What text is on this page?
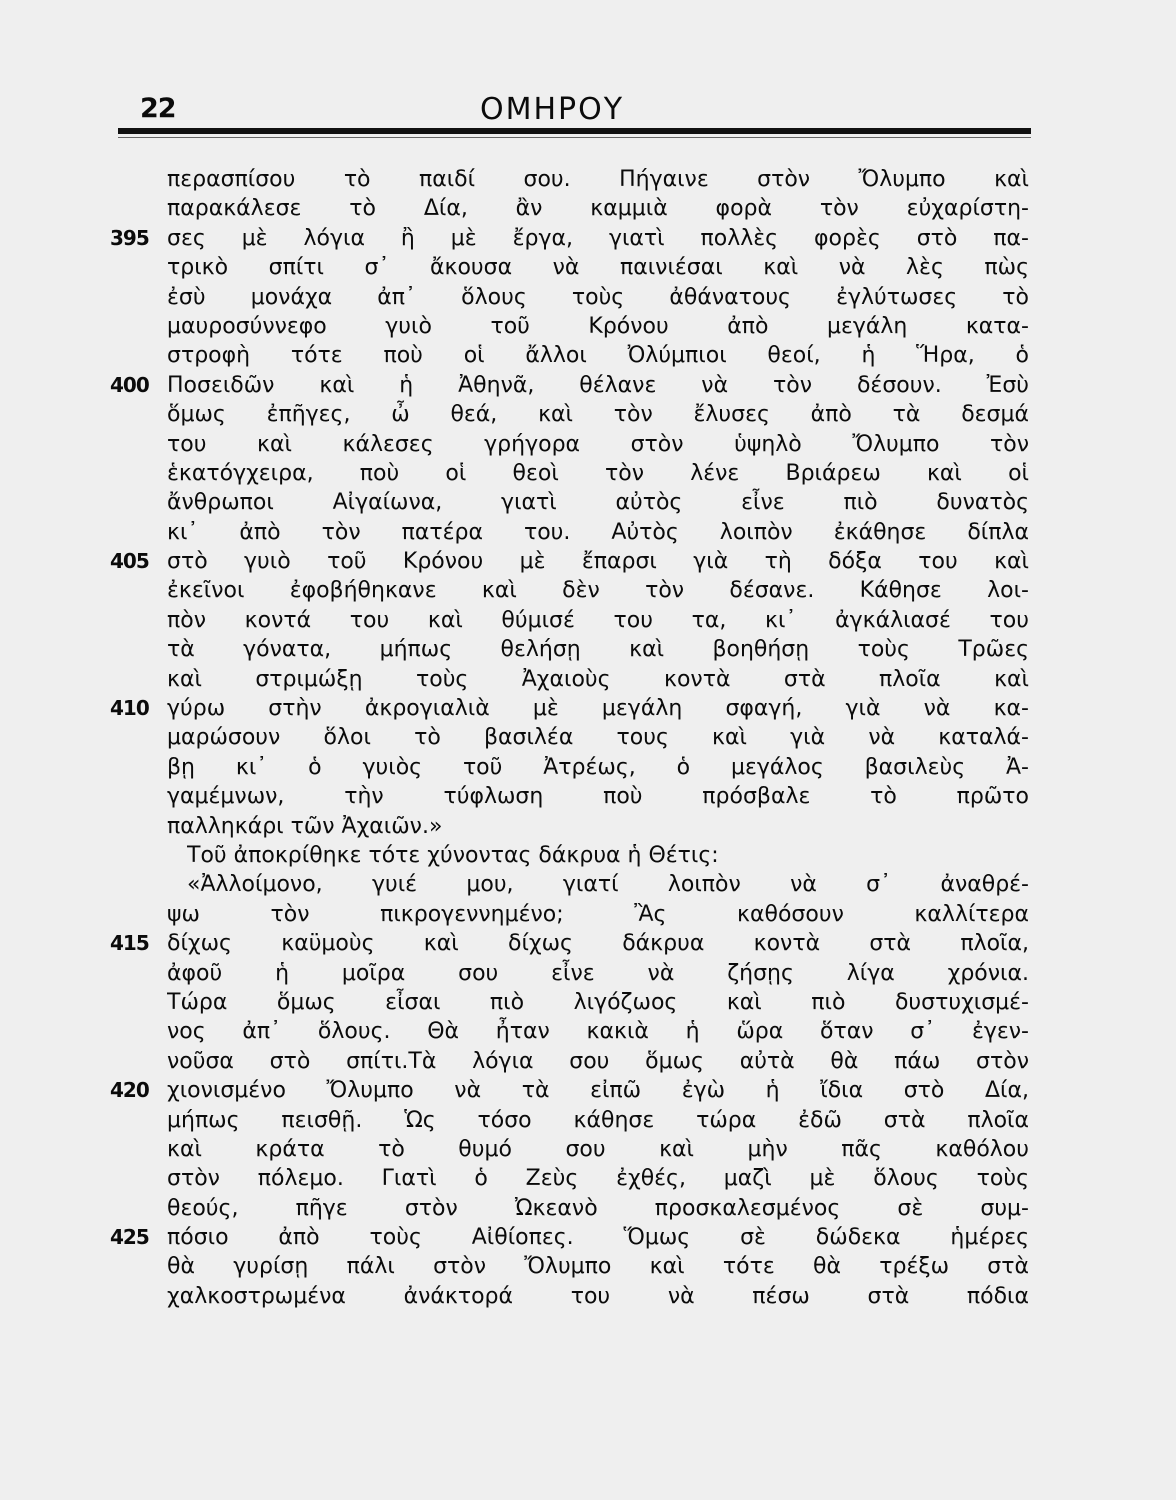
22	ΟΜΗΡΟΥ
περασπίσου τὸ παιδί σου. Πήγαινε στὸν Ὄλυμπο καὶ
παρακάλεσε τὸ Δία, ἂν καμμιὰ φορὰ τὸν εὐχαρίστη-
395 σες μὲ λόγια ἢ μὲ ἔργα, γιατὶ πολλὲς φορὲς στὸ πα-
τρικὸ σπίτι σ᾿ ἄκουσα νὰ παινιέσαι καὶ νὰ λὲς πὼς
ἐσὺ μονάχα ἀπ᾿ ὅλους τοὺς ἀθάνατους ἐγλύτωσες τὸ
μαυροσύννεφο γυιὸ τοῦ Κρόνου ἀπὸ μεγάλη κατα-
στροφὴ τότε ποὺ οἱ ἄλλοι Ὀλύμπιοι θεοί, ἡ Ἥρα, ὁ
400 Ποσειδῶν καὶ ἡ Ἀθηνᾶ, θέλανε νὰ τὸν δέσουν. Ἐσὺ
ὅμως ἐπῆγες, ὦ θεά, καὶ τὸν ἔλυσες ἀπὸ τὰ δεσμά
του καὶ κάλεσες γρήγορα στὸν ὑψηλὸ Ὄλυμπο τὸν
ἑκατόγχειρα, ποὺ οἱ θεοὶ τὸν λένε Βριάρεω καὶ οἱ
ἄνθρωποι Αἰγαίωνα, γιατὶ αὐτὸς εἶνε πιὸ δυνατὸς
κι᾿ ἀπὸ τὸν πατέρα του. Αὐτὸς λοιπὸν ἐκάθησε δίπλα
405 στὸ γυιὸ τοῦ Κρόνου μὲ ἔπαρσι γιὰ τὴ δόξα του καὶ
ἐκεῖνοι ἐφοβήθηκανε καὶ δὲν τὸν δέσανε. Κάθησε λοι-
πὸν κοντά του καὶ θύμισέ του τα, κι᾿ ἀγκάλιασέ του
τὰ γόνατα, μήπως θελήσῃ καὶ βοηθήσῃ τοὺς Τρῶες
καὶ στριμώξῃ τοὺς Ἀχαιοὺς κοντὰ στὰ πλοῖα καὶ
410 γύρω στὴν ἀκρογιαλιὰ μὲ μεγάλη σφαγή, γιὰ νὰ κα-
μαρώσουν ὅλοι τὸ βασιλέα τους καὶ γιὰ νὰ καταλά-
βῃ κι᾿ ὁ γυιὸς τοῦ Ἀτρέως, ὁ μεγάλος βασιλεὺς Ἀ-
γαμέμνων, τὴν τύφλωση ποὺ πρόσβαλε τὸ πρῶτο
παλληκάρι τῶν Ἀχαιῶν.»
Τοῦ ἀποκρίθηκε τότε χύνοντας δάκρυα ἡ Θέτις:
«Ἀλλοίμονο, γυιέ μου, γιατί λοιπὸν νὰ σ᾿ ἀναθρέ-
ψω τὸν πικρογεννημένο; Ἂς καθόσουν καλλίτερα
415 δίχως καϋμοὺς καὶ δίχως δάκρυα κοντὰ στὰ πλοῖα,
ἀφοῦ ἡ μοῖρα σου εἶνε νὰ ζήσῃς λίγα χρόνια.
Τώρα ὅμως εἶσαι πιὸ λιγόζωος καὶ πιὸ δυστυχισμέ-
νος ἀπ᾿ ὅλους. Θὰ ἦταν κακιὰ ἡ ὥρα ὅταν σ᾿ ἐγεν-
νοῦσα στὸ σπίτι.Τὰ λόγια σου ὅμως αὐτὰ θὰ πάω στὸν
420 χιονισμένο Ὄλυμπο νὰ τὰ εἰπῶ ἐγὼ ἡ ἴδια στὸ Δία,
μήπως πεισθῇ. Ὡς τόσο κάθησε τώρα ἐδῶ στὰ πλοῖα
καὶ κράτα τὸ θυμό σου καὶ μὴν πᾶς καθόλου
στὸν πόλεμο. Γιατὶ ὁ Ζεὺς ἐχθές, μαζὶ μὲ ὅλους τοὺς
θεούς, πῆγε στὸν Ὠκεανὸ προσκαλεσμένος σὲ συμ-
425 πόσιο ἀπὸ τοὺς Αἰθίοπες. Ὅμως σὲ δώδεκα ἡμέρες
θὰ γυρίσῃ πάλι στὸν Ὄλυμπο καὶ τότε θὰ τρέξω στὰ
χαλκοστρωμένα ἀνάκτορά του νὰ πέσω στὰ πόδια
